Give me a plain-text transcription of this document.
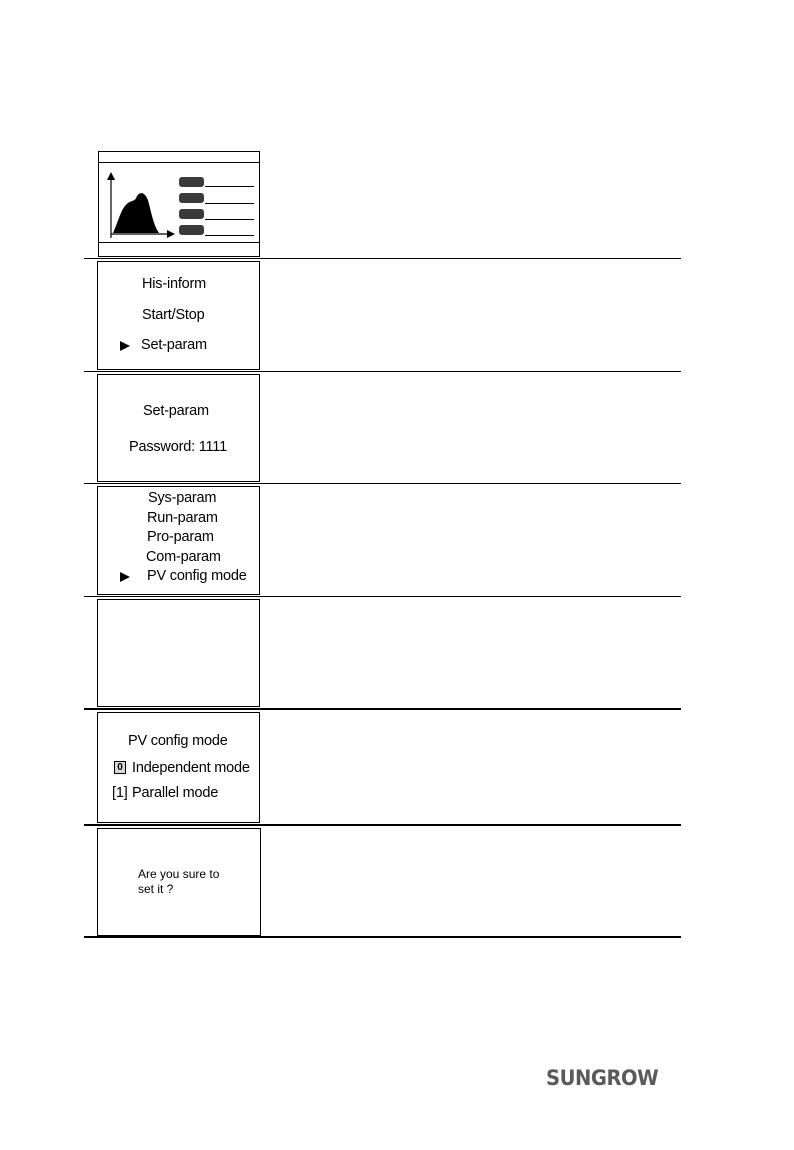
His-inform
Start/Stop
Set-param
Set-param
Password: 1111
Sys-param
Run-param
Pro-param
Com-param
PV config mode
PV config mode
0 Independent mode
[1] Parallel mode
Are you sure to
set it ?
SUNGROW
